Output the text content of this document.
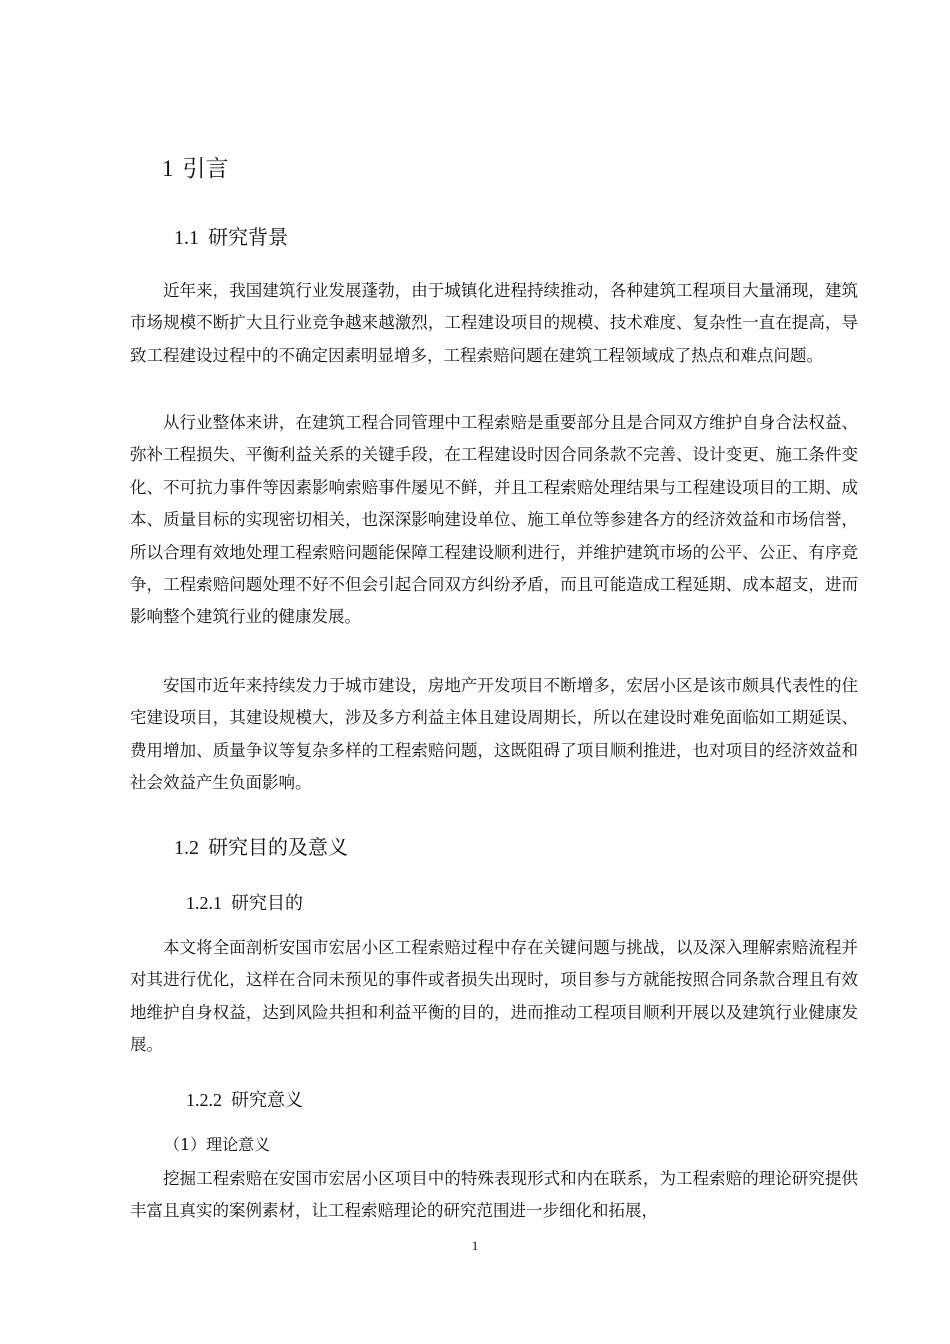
1 引言
1.1 研究背景

近年来，我国建筑行业发展蓬勃，由于城镇化进程持续推动，各种建筑工程项目大量涌现，建筑市场规模不断扩大且行业竞争越来越激烈，工程建设项目的规模、技术难度、复杂性一直在提高，导致工程建设过程中的不确定因素明显增多，工程索赔问题在建筑工程领域成了热点和难点问题。

从行业整体来讲，在建筑工程合同管理中工程索赔是重要部分且是合同双方维护自身合法权益、弥补工程损失、平衡利益关系的关键手段，在工程建设时因合同条款不完善、设计变更、施工条件变化、不可抗力事件等因素影响索赔事件屡见不鲜，并且工程索赔处理结果与工程建设项目的工期、成本、质量目标的实现密切相关，也深深影响建设单位、施工单位等参建各方的经济效益和市场信誉，所以合理有效地处理工程索赔问题能保障工程建设顺利进行，并维护建筑市场的公平、公正、有序竞争，工程索赔问题处理不好不但会引起合同双方纠纷矛盾，而且可能造成工程延期、成本超支，进而影响整个建筑行业的健康发展。

安国市近年来持续发力于城市建设，房地产开发项目不断增多，宏居小区是该市颇具代表性的住宅建设项目，其建设规模大，涉及多方利益主体且建设周期长，所以在建设时难免面临如工期延误、费用增加、质量争议等复杂多样的工程索赔问题，这既阻碍了项目顺利推进，也对项目的经济效益和社会效益产生负面影响。

1.2 研究目的及意义
1.2.1 研究目的

本文将全面剖析安国市宏居小区工程索赔过程中存在关键问题与挑战，以及深入理解索赔流程并对其进行优化，这样在合同未预见的事件或者损失出现时，项目参与方就能按照合同条款合理且有效地维护自身权益，达到风险共担和利益平衡的目的，进而推动工程项目顺利开展以及建筑行业健康发展。

1.2.2 研究意义

（1）理论意义

挖掘工程索赔在安国市宏居小区项目中的特殊表现形式和内在联系，为工程索赔的理论研究提供丰富且真实的案例素材，让工程索赔理论的研究范围进一步细化和拓展，

1
